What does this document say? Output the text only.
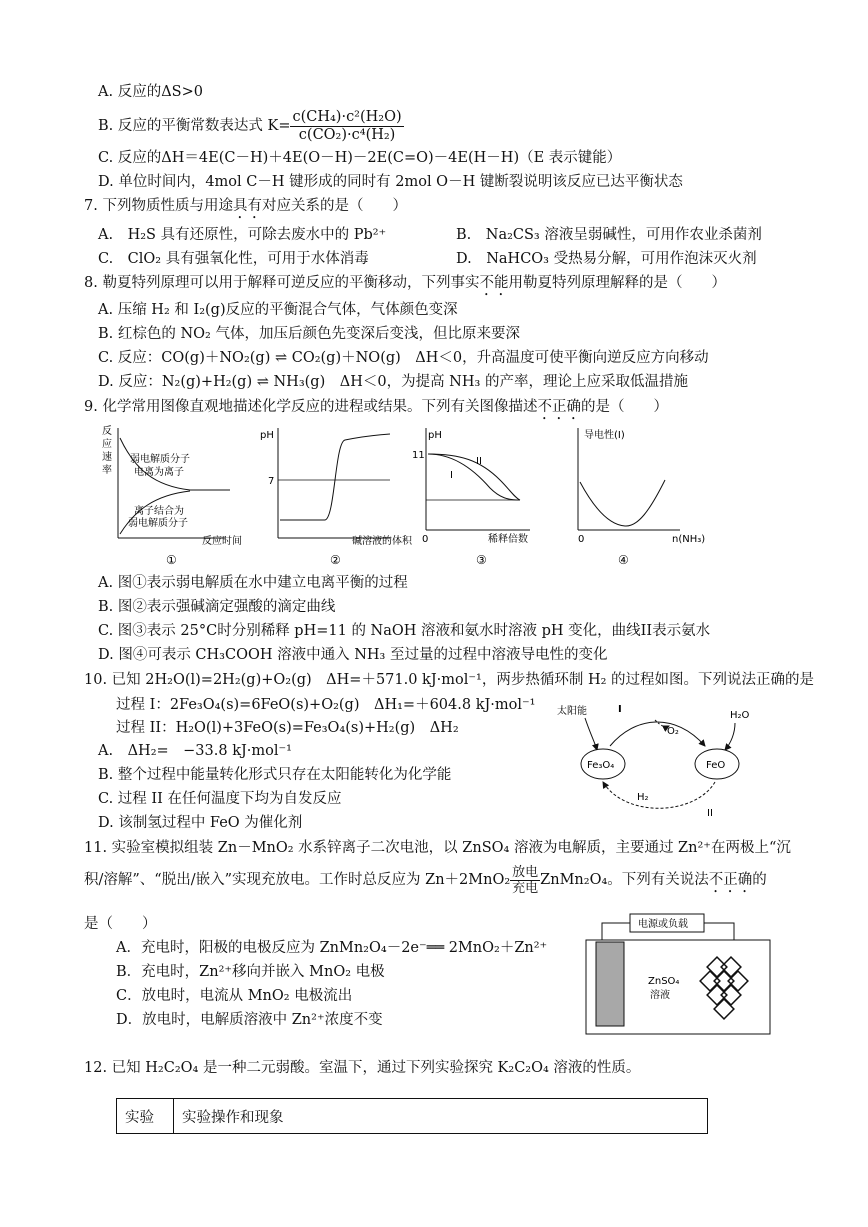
A. 反应的ΔS>0
B. 反应的平衡常数表达式 $K= \frac{\text{c(CH₄)·c²(H₂O)}}{\text{c(CO₂)·c⁴(H₂)}}$
C. 反应的ΔH＝4E(C－H)＋4E(O－H)－2E(C=O)－4E(H－H)（E 表示键能）
D. 单位时间内，4mol C－H 键形成的同时有 2mol O－H 键断裂说明该反应已达平衡状态
7. 下列物质性质与用途具有对应关系的是（　　）
A.　H₂S 具有还原性，可除去废水中的 Pb²⁺	B.　Na₂CS₃ 溶液呈弱碱性，可用作农业杀菌剂
C.　ClO₂ 具有强氧化性，可用于水体消毒	D.　NaHCO₃ 受热易分解，可用作泡沫灭火剂
8. 勒夏特列原理可以用于解释可逆反应的平衡移动，下列事实不能用勒夏特列原理解释的是（　　）
A. 压缩 H₂ 和 I₂(g)反应的平衡混合气体，气体颜色变深
B. 红棕色的 NO₂ 气体，加压后颜色先变深后变浅，但比原来要深
C. 反应：CO(g)＋NO₂(g) ⇌ CO₂(g)＋NO(g)　ΔH＜0，升高温度可使平衡向逆反应方向移动
D. 反应：N₂(g)+H₂(g) ⇌ NH₃(g)　ΔH＜0，为提高 NH₃ 的产率，理论上应采取低温措施
9. 化学常用图像直观地描述化学反应的进程或结果。下列有关图像描述不正确的是（　　）
反
应
速
率
弱电解质分子
电离为离子
离子结合为
弱电解质分子
反应时间
①
pH
7
碱溶液的体积
②
pH
11
I
II
0	稀释倍数
③
导电性(I)
0	n(NH₃)
④
A. 图①表示弱电解质在水中建立电离平衡的过程
B. 图②表示强碱滴定强酸的滴定曲线
C. 图③表示 25°C时分别稀释 pH=11 的 NaOH 溶液和氨水时溶液 pH 变化，曲线II表示氨水
D. 图④可表示 CH₃COOH 溶液中通入 NH₃ 至过量的过程中溶液导电性的变化
10. 已知 2H₂O(l)=2H₂(g)+O₂(g)　ΔH=＋571.0 kJ·mol⁻¹，两步热循环制 H₂ 的过程如图。下列说法正确的是
过程 I：2Fe₃O₄(s)=6FeO(s)+O₂(g)　ΔH₁=＋604.8 kJ·mol⁻¹
过程 II：H₂O(l)+3FeO(s)=Fe₃O₄(s)+H₂(g)　ΔH₂
A.　ΔH₂=　−33.8 kJ·mol⁻¹
B. 整个过程中能量转化形式只存在太阳能转化为化学能
C. 过程 II 在任何温度下均为自发反应
D. 该制氢过程中 FeO 为催化剂
太阳能	I
O₂
H₂O
Fe₃O₄	FeO
H₂
II
11. 实验室模拟组装 Zn－MnO₂ 水系锌离子二次电池，以 ZnSO₄ 溶液为电解质，主要通过 Zn²⁺在两极上“沉
积/溶解”、“脱出/嵌入”实现充放电。工作时总反应为 Zn＋2MnO₂ 放电
充电 ZnMn₂O₄。下列有关说法不正确的
是（　　）
A．充电时，阳极的电极反应为 ZnMn₂O₄－2e⁻══ 2MnO₂＋Zn²⁺
B．充电时，Zn²⁺移向并嵌入 MnO₂ 电极
C．放电时，电流从 MnO₂ 电极流出
D．放电时，电解质溶液中 Zn²⁺浓度不变
电源或负载
ZnSO₄
溶液
12. 已知 H₂C₂O₄ 是一种二元弱酸。室温下，通过下列实验探究 K₂C₂O₄ 溶液的性质。
实验	实验操作和现象
